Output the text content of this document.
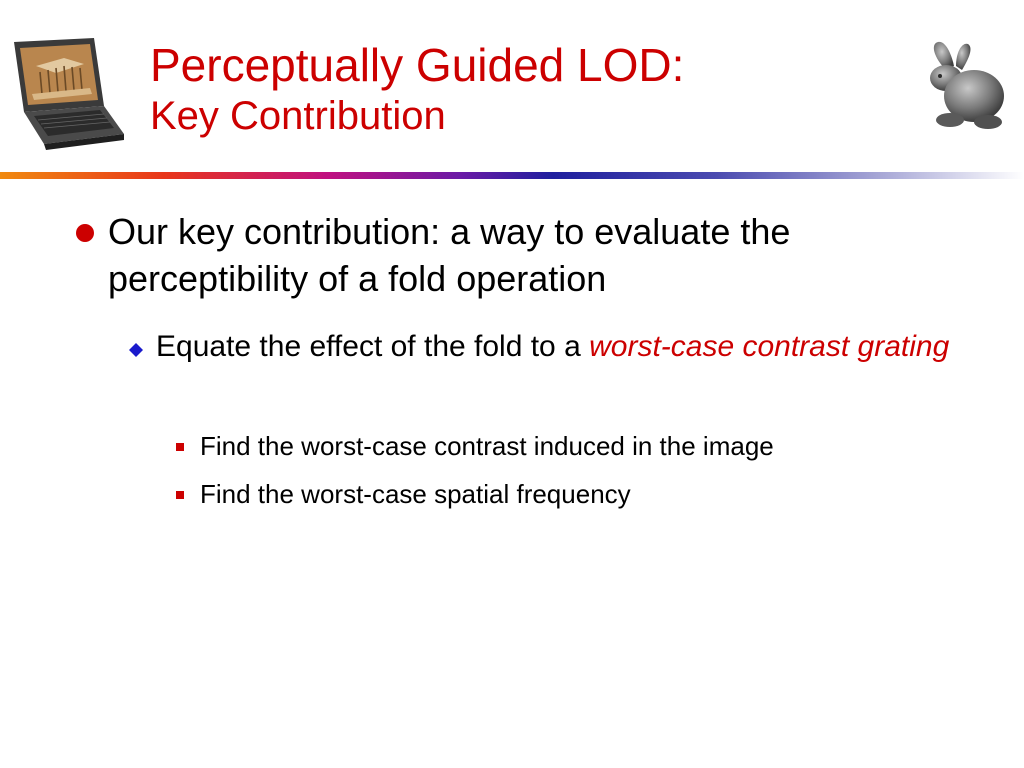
Perceptually Guided LOD:
Key Contribution
Our key contribution: a way to evaluate the perceptibility of a fold operation
Equate the effect of the fold to a worst-case contrast grating
Find the worst-case contrast induced in the image
Find the worst-case spatial frequency
